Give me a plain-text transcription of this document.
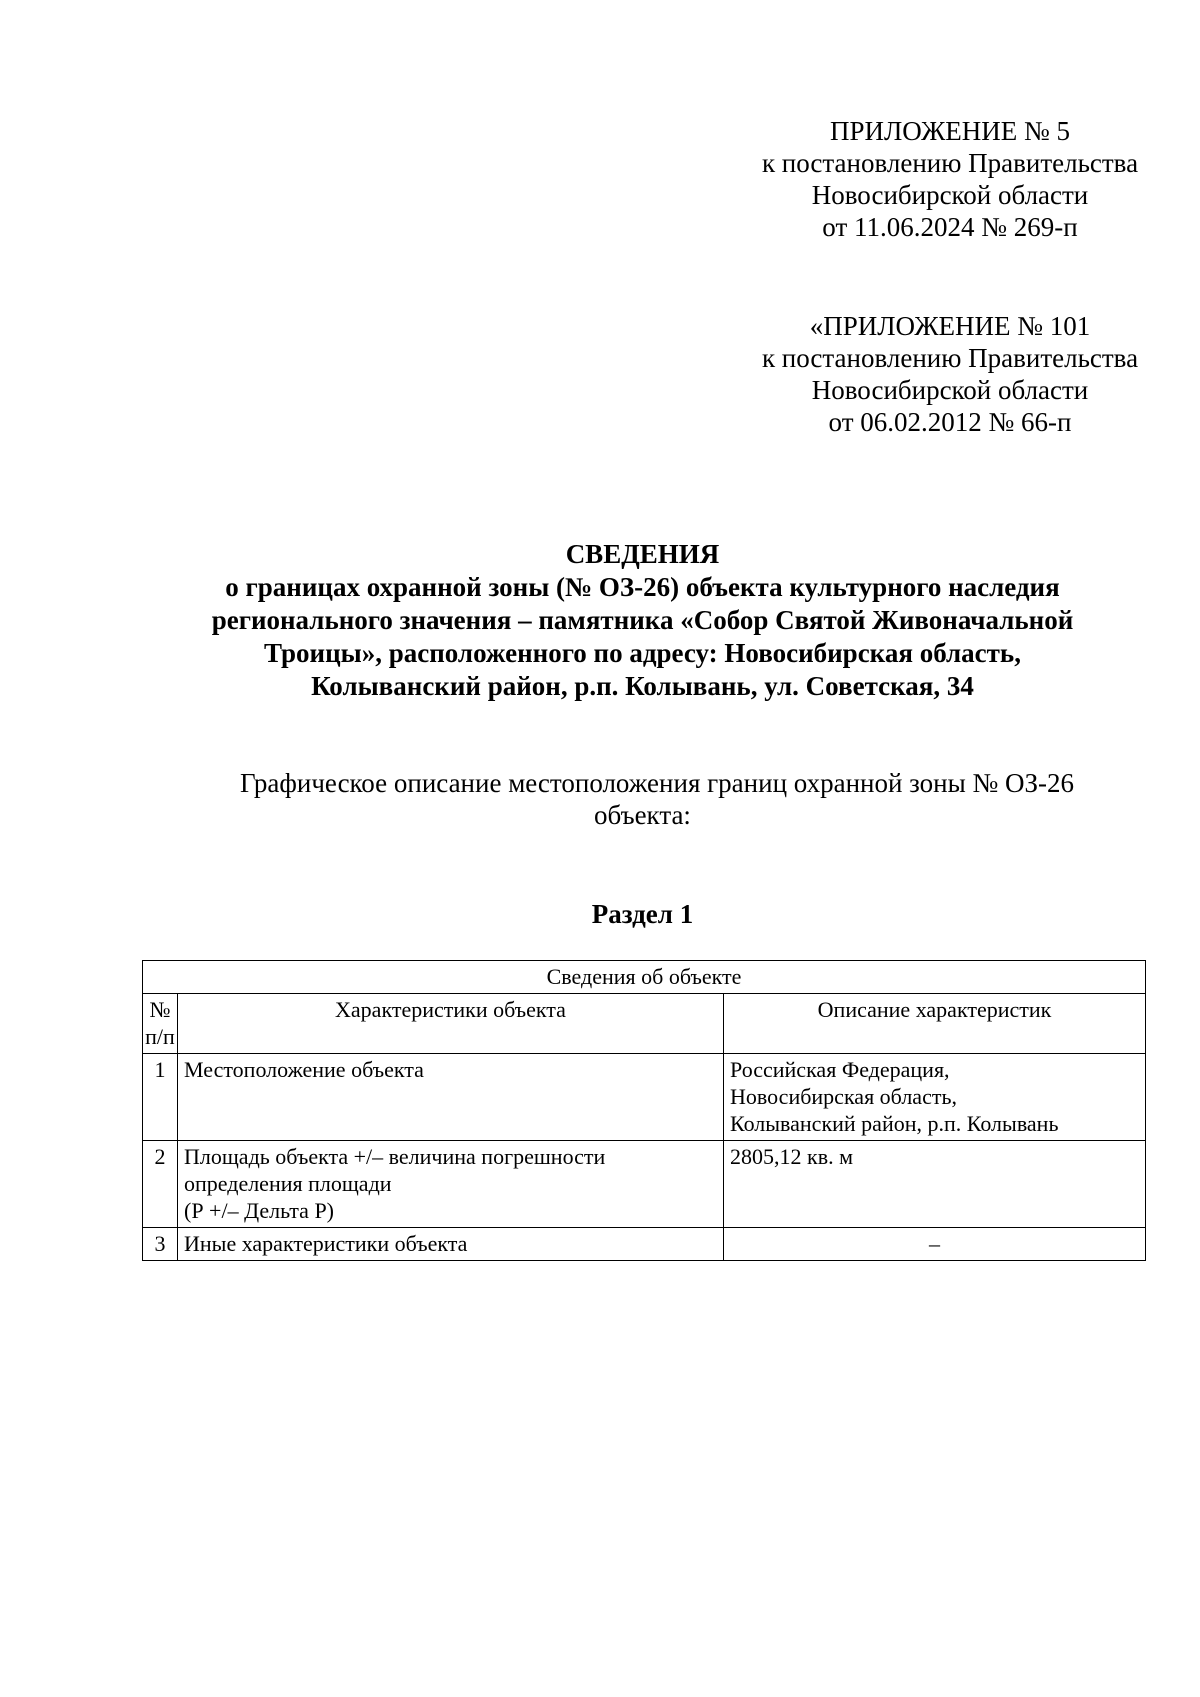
ПРИЛОЖЕНИЕ № 5
к постановлению Правительства
Новосибирской области
от 11.06.2024 № 269-п
«ПРИЛОЖЕНИЕ № 101
к постановлению Правительства
Новосибирской области
от 06.02.2012 № 66-п
СВЕДЕНИЯ
о границах охранной зоны (№ ОЗ-26) объекта культурного наследия
регионального значения – памятника «Собор Святой Живоначальной
Троицы», расположенного по адресу: Новосибирская область,
Колыванский район, р.п. Колывань, ул. Советская, 34
Графическое описание местоположения границ охранной зоны № ОЗ-26
объекта:
Раздел 1
Сведения об объекте		

№
п/п	Характеристики объекта	Описание характеристик
1	Местоположение объекта	Российская Федерация,
Новосибирская область,
Колыванский район, р.п. Колывань

2	Площадь объекта +/– величина погрешности
определения площади
(Р +/– Дельта Р)	2805,12 кв. м

3	Иные характеристики объекта	–
